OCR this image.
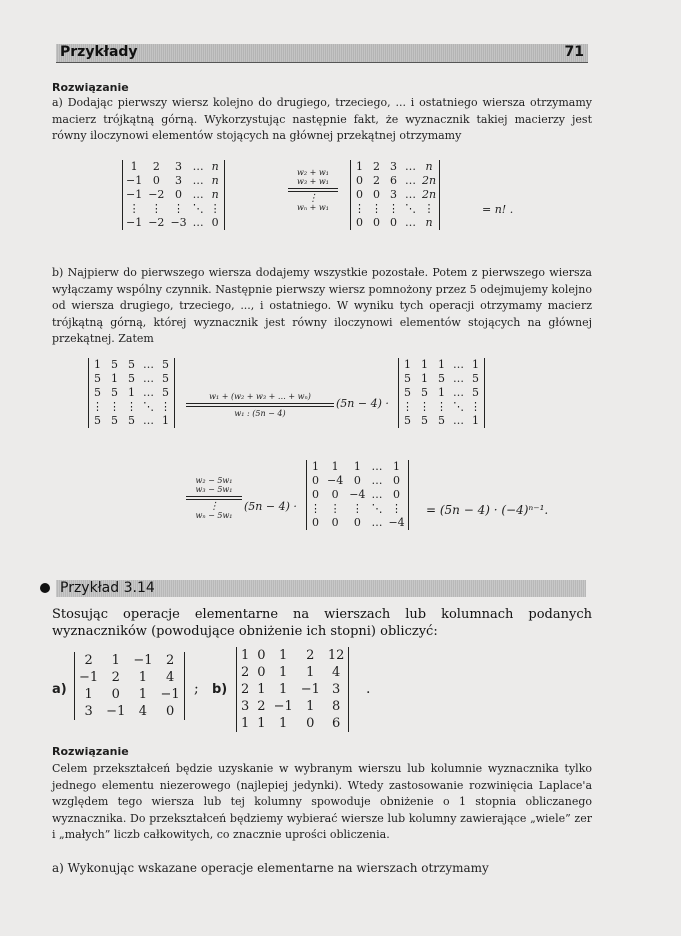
Przykłady	71
Rozwiązanie
a) Dodając pierwszy wiersz kolejno do drugiego, trzeciego, ... i ostatniego wiersza otrzymamy macierz trójkątną górną. Wykorzystując następnie fakt, że wyznacznik takiej macierzy jest równy iloczynowi elementów stojących na głównej przekątnej otrzymamy
1	2	3	…	n
−1	0	3	…	n
−1	−2	0	…	n
⋮	⋮	⋮	⋱	⋮
−1	−2	−3	…	0
w₂ + w₁
w₃ + w₁
⋮
wₙ + w₁
1	2	3	…	n
0	2	6	…	2n
0	0	3	…	2n
⋮	⋮	⋮	⋱	⋮
0	0	0	…	n
= n! .
b) Najpierw do pierwszego wiersza dodajemy wszystkie pozostałe. Potem z pierwszego wiersza wyłączamy wspólny czynnik. Następnie pierwszy wiersz pomnożony przez 5 odejmujemy kolejno od wiersza drugiego, trzeciego, ..., i ostatniego. W wyniku tych operacji otrzymamy macierz trójkątną górną, której wyznacznik jest równy iloczynowi elementów stojących na głównej przekątnej. Zatem
1	5	5	…	5
5	1	5	…	5
5	5	1	…	5
⋮	⋮	⋮	⋱	⋮
5	5	5	…	1
w₁ + (w₂ + w₃ + … + wₙ)
w₁ : (5n − 4)
(5n − 4) ·
1	1	1	…	1
5	1	5	…	5
5	5	1	…	5
⋮	⋮	⋮	⋱	⋮
5	5	5	…	1
w₂ − 5w₁
w₃ − 5w₁
⋮
wₙ − 5w₁
(5n − 4) ·
1	1	1	…	1
0	−4	0	…	0
0	0	−4	…	0
⋮	⋮	⋮	⋱	⋮
0	0	0	…	−4
= (5n − 4) · (−4)ⁿ⁻¹.
Przykład 3.14
Stosując operacje elementarne na wierszach lub kolumnach podanych wyznaczników (powodujące obniżenie ich stopni) obliczyć:
a)
2	1	−1	2
−1	2	1	4
1	0	1	−1
3	−1	4	0
; b)
1	0	1	2	12
2	0	1	1	4
2	1	1	−1	3
3	2	−1	1	8
1	1	1	0	6
.
Rozwiązanie
Celem przekształceń będzie uzyskanie w wybranym wierszu lub kolumnie wyznacznika tylko jednego elementu niezerowego (najlepiej jedynki). Wtedy zastosowanie rozwinięcia Laplace'a względem tego wiersza lub tej kolumny spowoduje obniżenie o 1 stopnia obliczanego wyznacznika. Do przekształceń będziemy wybierać wiersze lub kolumny zawierające „wiele” zer i „małych” liczb całkowitych, co znacznie uprości obliczenia.
a) Wykonując wskazane operacje elementarne na wierszach otrzymamy
